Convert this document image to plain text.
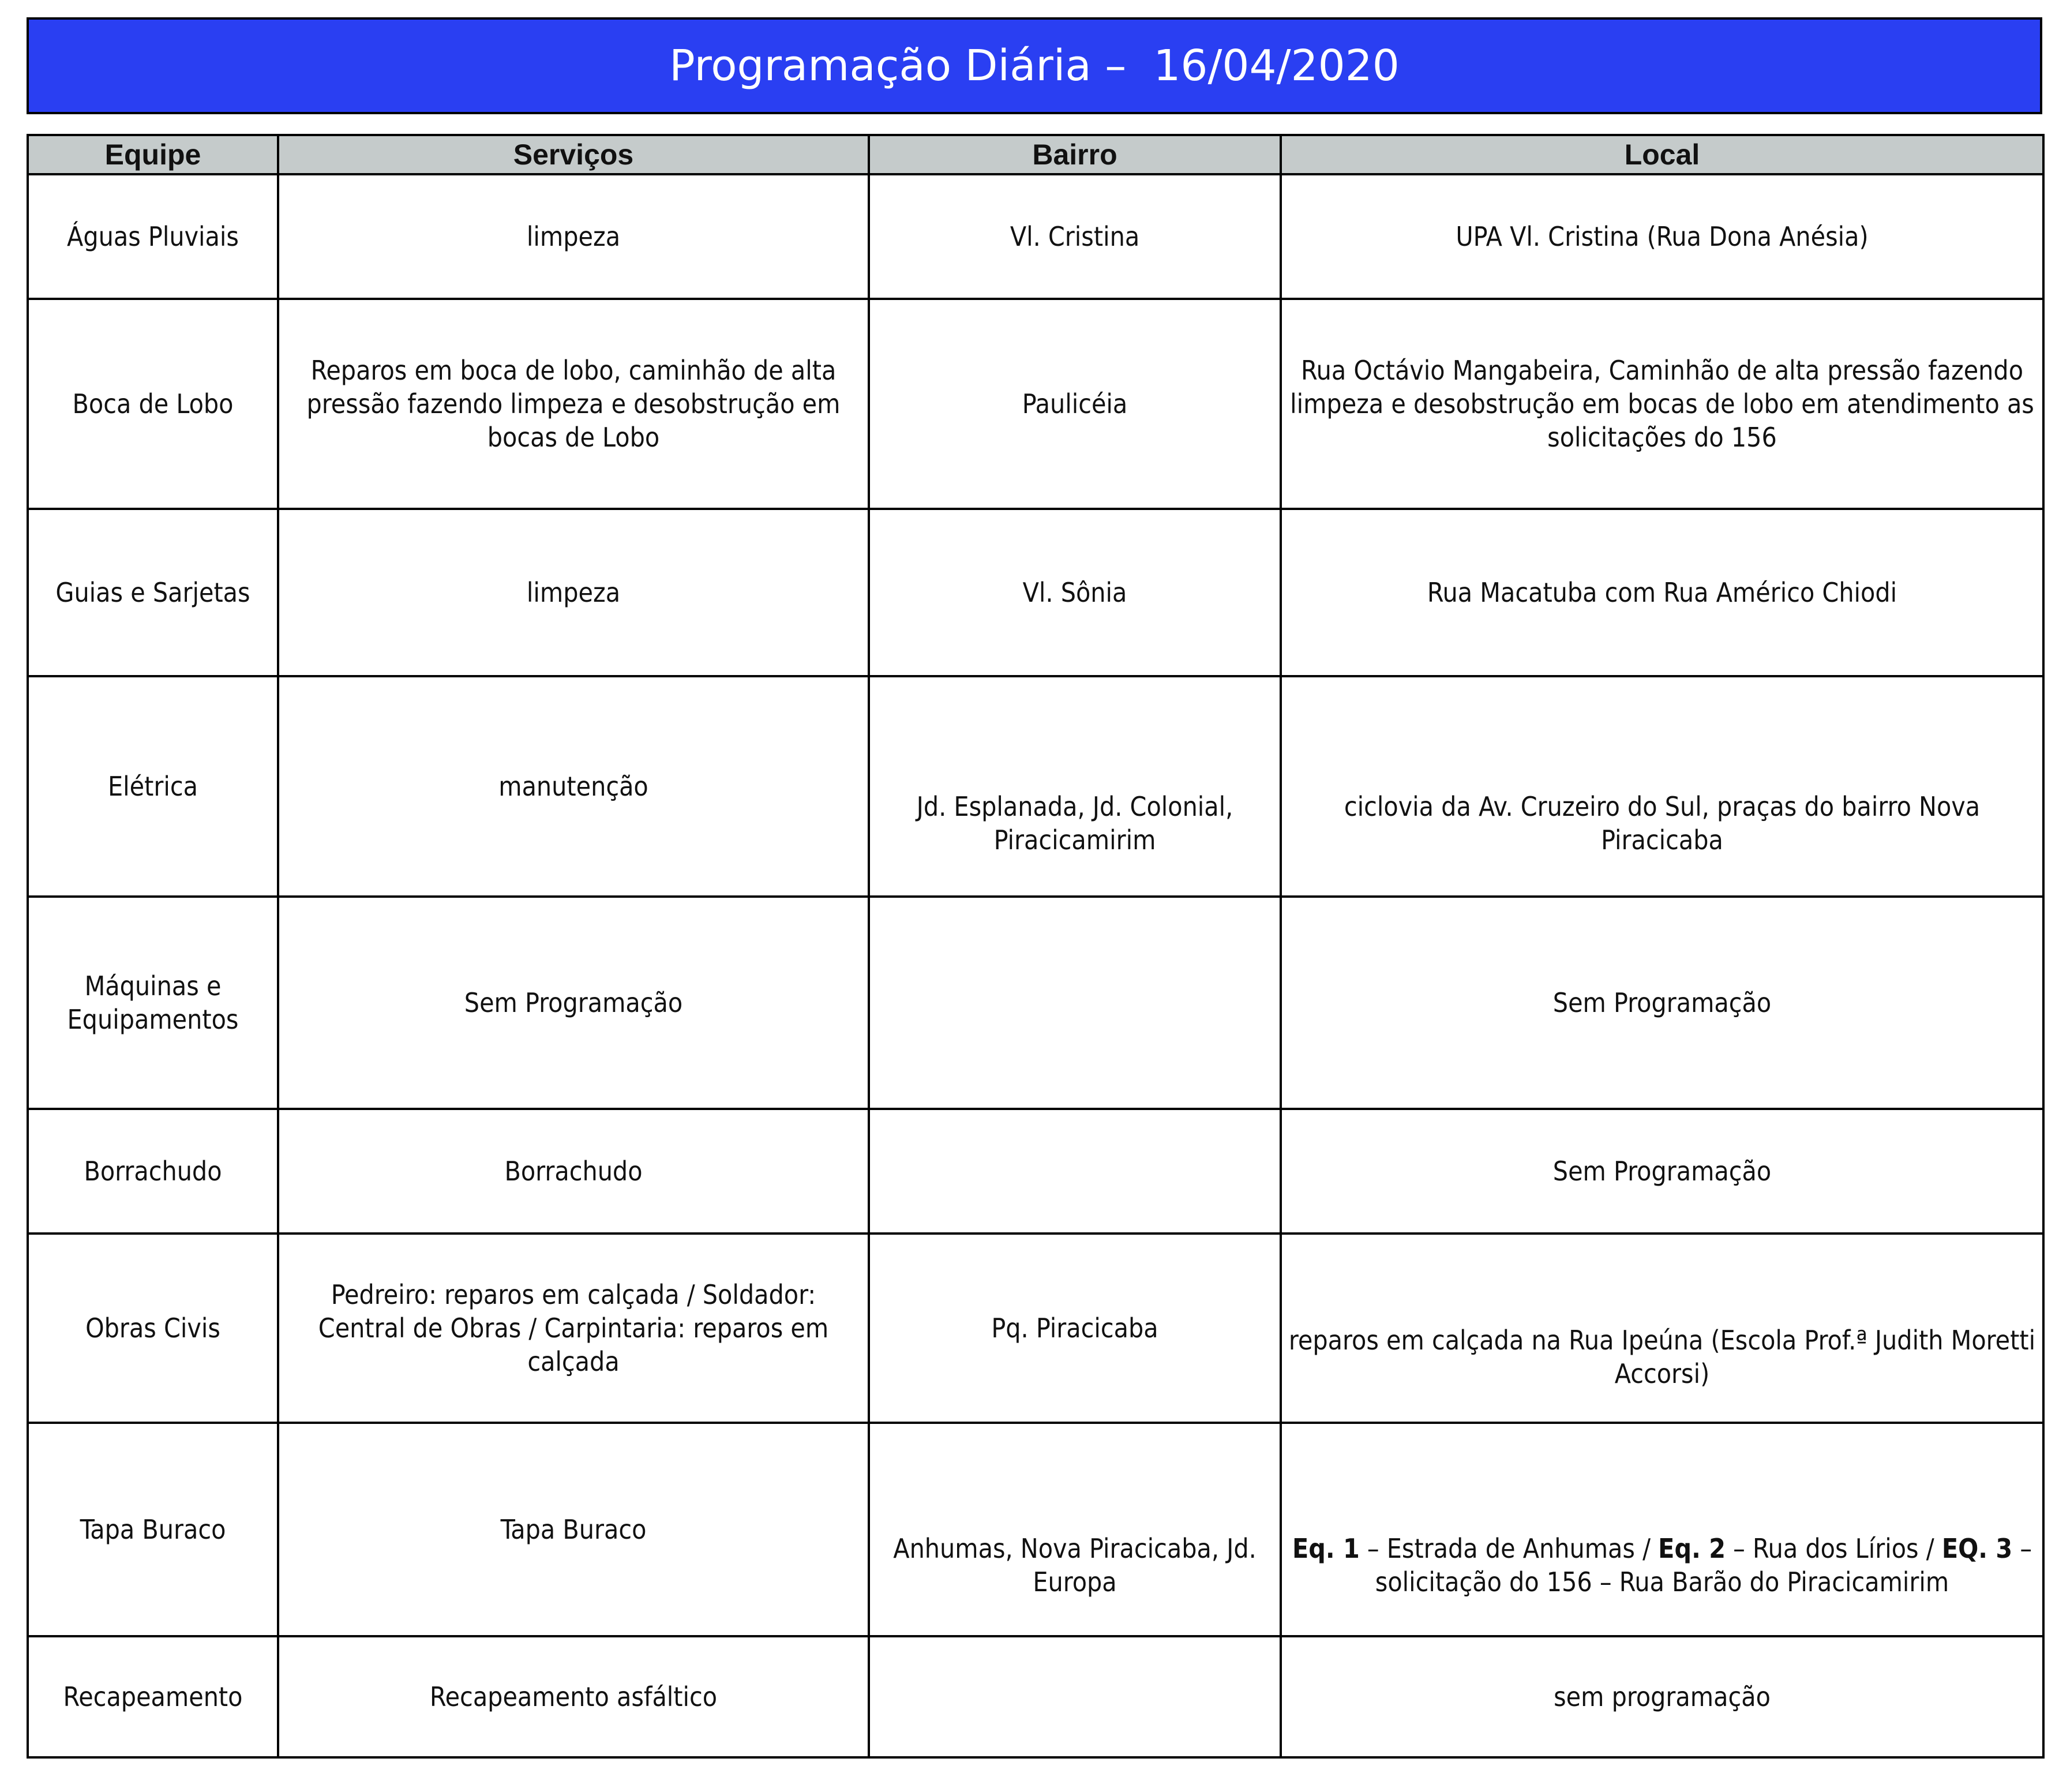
Programação Diária –  16/04/2020
Equipe	Serviços	Bairro	Local
Águas Pluviais	limpeza	Vl. Cristina	UPA Vl. Cristina (Rua Dona Anésia)
Boca de Lobo	Reparos em boca de lobo, caminhão de alta pressão fazendo limpeza e desobstrução em bocas de Lobo	Paulicéia	Rua Octávio Mangabeira, Caminhão de alta pressão fazendo limpeza e desobstrução em bocas de lobo em atendimento as solicitações do 156
Guias e Sarjetas	limpeza	Vl. Sônia	Rua Macatuba com Rua Américo Chiodi
Elétrica	manutenção	Jd. Esplanada, Jd. Colonial, Piracicamirim	ciclovia da Av. Cruzeiro do Sul, praças do bairro Nova Piracicaba

Máquinas e Equipamentos	Sem Programação		Sem Programação
Borrachudo	Borrachudo		Sem Programação
Obras Civis	Pedreiro: reparos em calçada / Soldador: Central de Obras / Carpintaria: reparos em calçada	Pq. Piracicaba	reparos em calçada na Rua Ipeúna (Escola Prof.ª Judith Moretti Accorsi)

Tapa Buraco	Tapa Buraco	Anhumas, Nova Piracicaba, Jd. Europa	Eq. 1 – Estrada de Anhumas / Eq. 2 – Rua dos Lírios / EQ. 3 – solicitação do 156 – Rua Barão do Piracicamirim

Recapeamento	Recapeamento asfáltico		sem programação
